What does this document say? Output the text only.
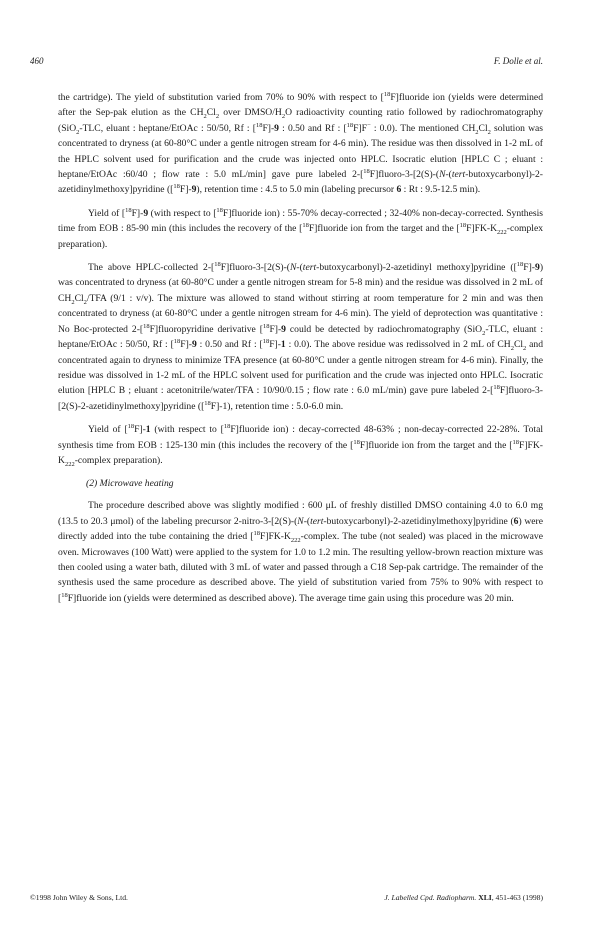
460	F. Dolle et al.

the cartridge). The yield of substitution varied from 70% to 90% with respect to [$^{18}$F]fluoride ion (yields were determined after the Sep-pak elution as the $CH_2Cl_2$ over DMSO/$H_2O$ radioactivity counting ratio followed by radiochromatography (SiO$_2$-TLC, eluant : heptane/EtOAc : 50/50, Rf : [$^{18}$F]-9 : 0.50 and Rf : [$^{18}$F]F− : 0.0). The mentioned $CH_2Cl_2$ solution was concentrated to dryness (at 60-80°C under a gentle nitrogen stream for 4-6 min). The residue was then dissolved in 1-2 mL of the HPLC solvent used for purification and the crude was injected onto HPLC. Isocratic elution [HPLC C ; eluant : heptane/EtOAc :60/40 ; flow rate : 5.0 mL/min] gave pure labeled 2-[$^{18}$F]fluoro-3-[2(S)-(N-(tert-butoxycarbonyl)-2-azetidinylmethoxy]pyridine ([$^{18}$F]-9), retention time : 4.5 to 5.0 min (labeling precursor 6 : Rt : 9.5-12.5 min).

Yield of [$^{18}$F]-9 (with respect to [$^{18}$F]fluoride ion) : 55-70% decay-corrected ; 32-40% non-decay-corrected. Synthesis time from EOB : 85-90 min (this includes the recovery of the [$^{18}$F]fluoride ion from the target and the $[^{18}F]FK-K_{222}$-complex preparation).

The above HPLC-collected 2-[$^{18}$F]fluoro-3-[2(S)-(N-(tert-butoxycarbonyl)-2-azetidinyl methoxy]pyridine ([$^{18}$F]-9) was concentrated to dryness (at 60-80°C under a gentle nitrogen stream for 5-8 min) and the residue was dissolved in 2 mL of $CH_2Cl_2$/TFA (9/1 : v/v). The mixture was allowed to stand without stirring at room temperature for 2 min and was then concentrated to dryness (at 60-80°C under a gentle nitrogen stream for 4-6 min). The yield of deprotection was quantitative : No Boc-protected 2-[$^{18}$F]fluoropyridine derivative [$^{18}$F]-9 could be detected by radiochromatography (SiO$_2$-TLC, eluant : heptane/EtOAc : 50/50, Rf : [$^{18}$F]-9 : 0.50 and Rf : [$^{18}$F]-1 : 0.0). The above residue was redissolved in 2 mL of $CH_2Cl_2$ and concentrated again to dryness to minimize TFA presence (at 60-80°C under a gentle nitrogen stream for 4-6 min). Finally, the residue was dissolved in 1-2 mL of the HPLC solvent used for purification and the crude was injected onto HPLC. Isocratic elution [HPLC B ; eluant : acetonitrile/water/TFA : 10/90/0.15 ; flow rate : 6.0 mL/min) gave pure labeled 2-[$^{18}$F]fluoro-3-[2(S)-2-azetidinylmethoxy]pyridine ([$^{18}$F]-1), retention time : 5.0-6.0 min.

Yield of [$^{18}$F]-1 (with respect to [$^{18}$F]fluoride ion) : decay-corrected 48-63% ; non-decay-corrected 22-28%. Total synthesis time from EOB : 125-130 min (this includes the recovery of the [$^{18}$F]fluoride ion from the target and the $[^{18}F]FK-K_{222}$-complex preparation).

(2) Microwave heating

The procedure described above was slightly modified : 600 μL of freshly distilled DMSO containing 4.0 to 6.0 mg (13.5 to 20.3 μmol) of the labeling precursor 2-nitro-3-[2(S)-(N-(tert-butoxycarbonyl)-2-azetidinylmethoxy]pyridine (6) were directly added into the tube containing the dried $[^{18}F]FK-K_{222}$-complex. The tube (not sealed) was placed in the microwave oven. Microwaves (100 Watt) were applied to the system for 1.0 to 1.2 min. The resulting yellow-brown reaction mixture was then cooled using a water bath, diluted with 3 mL of water and passed through a C18 Sep-pak cartridge. The remainder of the synthesis used the same procedure as described above. The yield of substitution varied from 75% to 90% with respect to [$^{18}$F]fluoride ion (yields were determined as described above). The average time gain using this procedure was 20 min.

©1998 John Wiley & Sons, Ltd.	J. Labelled Cpd. Radiopharm. XLI, 451-463 (1998)
